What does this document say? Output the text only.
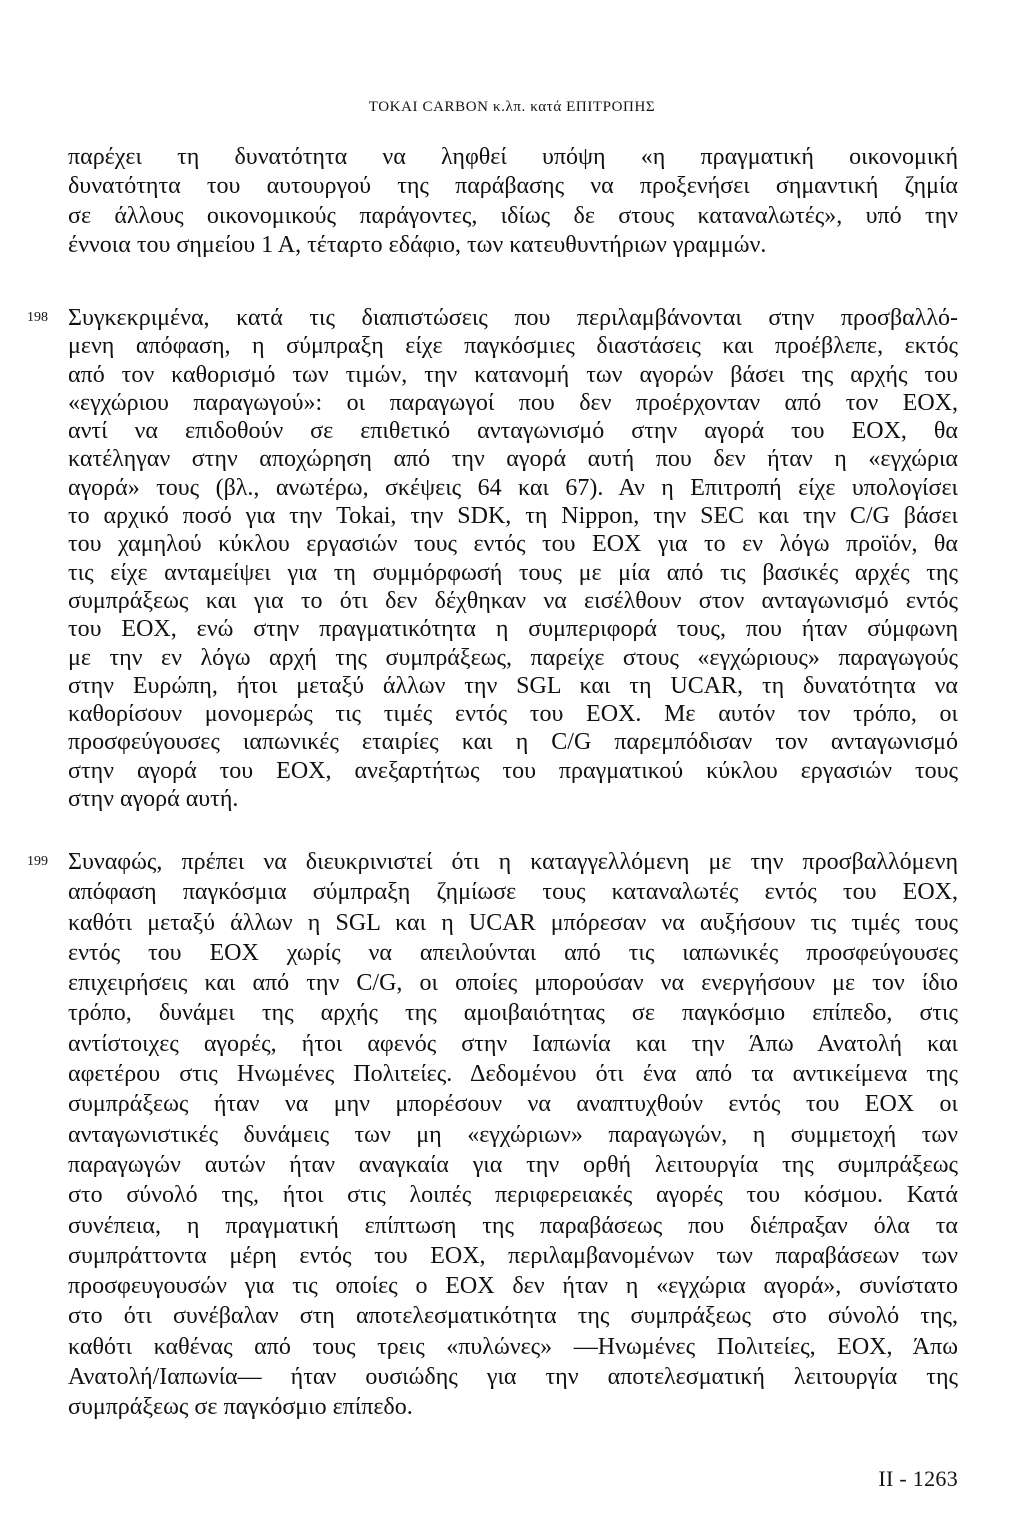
TOKAI CARBON κ.λπ. κατά ΕΠΙΤΡΟΠΗΣ
παρέχει τη δυνατότητα να ληφθεί υπόψη «η πραγματική οικονομική
δυνατότητα του αυτουργού της παράβασης να προξενήσει σημαντική ζημία
σε άλλους οικονομικούς παράγοντες, ιδίως δε στους καταναλωτές», υπό την
έννοια του σημείου 1 Α, τέταρτο εδάφιο, των κατευθυντήριων γραμμών.
198 Συγκεκριμένα, κατά τις διαπιστώσεις που περιλαμβάνονται στην προσβαλλό-
μενη απόφαση, η σύμπραξη είχε παγκόσμιες διαστάσεις και προέβλεπε, εκτός
από τον καθορισμό των τιμών, την κατανομή των αγορών βάσει της αρχής του
«εγχώριου παραγωγού»: οι παραγωγοί που δεν προέρχονταν από τον ΕΟΧ,
αντί να επιδοθούν σε επιθετικό ανταγωνισμό στην αγορά του ΕΟΧ, θα
κατέληγαν στην αποχώρηση από την αγορά αυτή που δεν ήταν η «εγχώρια
αγορά» τους (βλ., ανωτέρω, σκέψεις 64 και 67). Αν η Επιτροπή είχε υπολογίσει
το αρχικό ποσό για την Tokai, την SDK, τη Nippon, την SEC και την C/G βάσει
του χαμηλού κύκλου εργασιών τους εντός του ΕΟΧ για το εν λόγω προϊόν, θα
τις είχε ανταμείψει για τη συμμόρφωσή τους με μία από τις βασικές αρχές της
συμπράξεως και για το ότι δεν δέχθηκαν να εισέλθουν στον ανταγωνισμό εντός
του ΕΟΧ, ενώ στην πραγματικότητα η συμπεριφορά τους, που ήταν σύμφωνη
με την εν λόγω αρχή της συμπράξεως, παρείχε στους «εγχώριους» παραγωγούς
στην Ευρώπη, ήτοι μεταξύ άλλων την SGL και τη UCAR, τη δυνατότητα να
καθορίσουν μονομερώς τις τιμές εντός του ΕΟΧ. Με αυτόν τον τρόπο, οι
προσφεύγουσες ιαπωνικές εταιρίες και η C/G παρεμπόδισαν τον ανταγωνισμό
στην αγορά του ΕΟΧ, ανεξαρτήτως του πραγματικού κύκλου εργασιών τους
στην αγορά αυτή.
199 Συναφώς, πρέπει να διευκρινιστεί ότι η καταγγελλόμενη με την προσβαλλόμενη
απόφαση παγκόσμια σύμπραξη ζημίωσε τους καταναλωτές εντός του ΕΟΧ,
καθότι μεταξύ άλλων η SGL και η UCAR μπόρεσαν να αυξήσουν τις τιμές τους
εντός του ΕΟΧ χωρίς να απειλούνται από τις ιαπωνικές προσφεύγουσες
επιχειρήσεις και από την C/G, οι οποίες μπορούσαν να ενεργήσουν με τον ίδιο
τρόπο, δυνάμει της αρχής της αμοιβαιότητας σε παγκόσμιο επίπεδο, στις
αντίστοιχες αγορές, ήτοι αφενός στην Ιαπωνία και την Άπω Ανατολή και
αφετέρου στις Ηνωμένες Πολιτείες. Δεδομένου ότι ένα από τα αντικείμενα της
συμπράξεως ήταν να μην μπορέσουν να αναπτυχθούν εντός του ΕΟΧ οι
ανταγωνιστικές δυνάμεις των μη «εγχώριων» παραγωγών, η συμμετοχή των
παραγωγών αυτών ήταν αναγκαία για την ορθή λειτουργία της συμπράξεως
στο σύνολό της, ήτοι στις λοιπές περιφερειακές αγορές του κόσμου. Κατά
συνέπεια, η πραγματική επίπτωση της παραβάσεως που διέπραξαν όλα τα
συμπράττοντα μέρη εντός του ΕΟΧ, περιλαμβανομένων των παραβάσεων των
προσφευγουσών για τις οποίες ο ΕΟΧ δεν ήταν η «εγχώρια αγορά», συνίστατο
στο ότι συνέβαλαν στη αποτελεσματικότητα της συμπράξεως στο σύνολό της,
καθότι καθένας από τους τρεις «πυλώνες» —Ηνωμένες Πολιτείες, ΕΟΧ, Άπω
Ανατολή/Ιαπωνία— ήταν ουσιώδης για την αποτελεσματική λειτουργία της
συμπράξεως σε παγκόσμιο επίπεδο.
II - 1263
